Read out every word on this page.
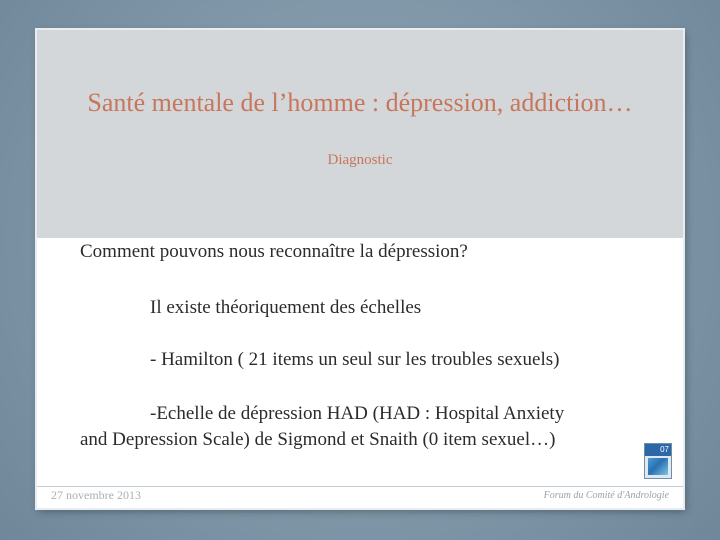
Santé mentale de l’homme : dépression, addiction…
Diagnostic
Comment pouvons nous reconnaître la dépression?
Il existe théoriquement des échelles
- Hamilton ( 21 items un seul sur les troubles sexuels)
-Echelle de dépression HAD (HAD : Hospital Anxiety
and Depression Scale) de Sigmond et Snaith (0 item sexuel…)	07
27 novembre 2013	Forum du Comité d'Andrologie
